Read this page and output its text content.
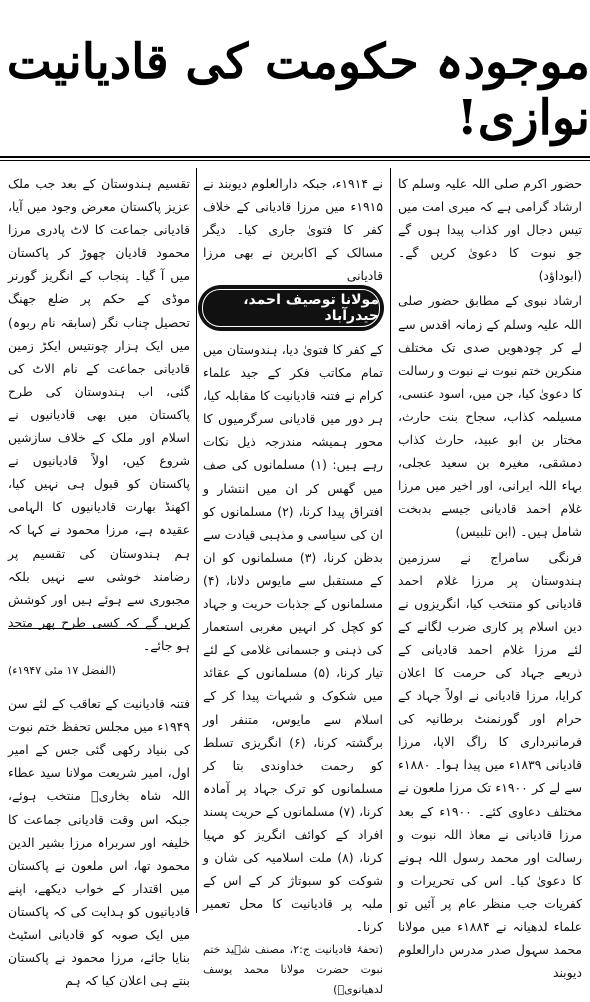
موجودہ حکومت کی قادیانیت نوازی!

حضور اکرم صلی اللہ علیہ وسلم کا ارشاد گرامی ہے کہ میری امت میں تیس دجال اور کذاب پیدا ہوں گے جو نبوت کا دعویٰ کریں گے۔ (ابوداؤد)

ارشاد نبوی کے مطابق حضور صلی اللہ علیہ وسلم کے زمانہ اقدس سے لے کر چودھویں صدی تک مختلف منکرین ختم نبوت نے نبوت و رسالت کا دعویٰ کیا، جن میں، اسود عنسی، مسیلمہ کذاب، سجاح بنت حارث، مختار بن ابو عبید، حارث کذاب دمشقی، مغیرہ بن سعید عجلی، بہاء اللہ ایرانی، اور اخیر میں مرزا غلام احمد قادیانی جیسے بدبخت شامل ہیں۔ (ابن تلبیس)

فرنگی سامراج نے سرزمین ہندوستان پر مرزا غلام احمد قادیانی کو منتخب کیا، انگریزوں نے دین اسلام پر کاری ضرب لگانے کے لئے مرزا غلام احمد قادیانی کے ذریعے جہاد کی حرمت کا اعلان کرایا، مرزا قادیانی نے اولاً جہاد کے حرام اور گورنمنٹ برطانیہ کی فرمانبرداری کا راگ الاپا، مرزا قادیانی ۱۸۳۹ء میں پیدا ہوا۔ ۱۸۸۰ء سے لے کر ۱۹۰۰ء تک مرزا ملعون نے مختلف دعاوی کئے۔ ۱۹۰۰ء کے بعد مرزا قادیانی نے معاذ اللہ نبوت و رسالت اور محمد رسول اللہ ہونے کا دعویٰ کیا۔ اس کی تحریرات و کفریات جب منظر عام پر آئیں تو علماء لدھیانہ نے ۱۸۸۴ء میں مولانا محمد سہول صدر مدرس دارالعلوم دیوبند

نے ۱۹۱۴ء، جبکہ دارالعلوم دیوبند نے ۱۹۱۵ء میں مرزا قادیانی کے خلاف کفر کا فتویٰ جاری کیا۔ دیگر مسالک کے اکابرین نے بھی مرزا قادیانی

مولانا توصیف احمد، حیدرآباد

کے کفر کا فتویٰ دیا، ہندوستان میں تمام مکاتب فکر کے جید علماء کرام نے فتنہ قادیانیت کا مقابلہ کیا، ہر دور میں قادیانی سرگرمیوں کا محور ہمیشہ مندرجہ ذیل نکات رہے ہیں: (۱) مسلمانوں کی صف میں گھس کر ان میں انتشار و افتراق پیدا کرنا، (۲) مسلمانوں کو ان کی سیاسی و مذہبی قیادت سے بدظن کرنا، (۳) مسلمانوں کو ان کے مستقبل سے مایوس دلانا، (۴) مسلمانوں کے جذبات حریت و جہاد کو کچل کر انہیں مغربی استعمار کی ذہنی و جسمانی غلامی کے لئے تیار کرنا، (۵) مسلمانوں کے عقائد میں شکوک و شبہات پیدا کر کے اسلام سے مایوس، متنفر اور برگشتہ کرنا، (۶) انگریزی تسلط کو رحمت خداوندی بتا کر مسلمانوں کو ترک جہاد پر آمادہ کرنا، (۷) مسلمانوں کے حریت پسند افراد کے کوائف انگریز کو مہیا کرنا، (۸) ملت اسلامیہ کی شان و شوکت کو سبوتاژ کر کے اس کے ملبہ پر قادیانیت کا محل تعمیر کرنا۔

(تحفۂ قادیانیت ج:۲، مصنف شہید ختم نبوت حضرت مولانا محمد یوسف لدھیانویؒ)

تقسیم ہندوستان کے بعد جب ملک عزیز پاکستان معرض وجود میں آیا، قادیانی جماعت کا لاٹ پادری مرزا محمود قادیان چھوڑ کر پاکستان میں آ گیا۔ پنجاب کے انگریز گورنر موڈی کے حکم پر ضلع جھنگ تحصیل چناب نگر (سابقہ نام ربوہ) میں ایک ہزار چونتیس ایکڑ زمین قادیانی جماعت کے نام الاٹ کی گئی، اب ہندوستان کی طرح پاکستان میں بھی قادیانیوں نے اسلام اور ملک کے خلاف سازشیں شروع کیں، اولاً قادیانیوں نے پاکستان کو قبول ہی نہیں کیا، اکھنڈ بھارت قادیانیوں کا الہامی عقیدہ ہے، مرزا محمود نے کہا کہ ہم ہندوستان کی تقسیم پر رضامند خوشی سے نہیں بلکہ مجبوری سے ہوئے ہیں اور کوشش کریں گے کہ کسی طرح پھر متحد ہو جائے۔

(الفضل ۱۷ مئی ۱۹۴۷ء)

فتنہ قادیانیت کے تعاقب کے لئے سن ۱۹۴۹ء میں مجلس تحفظ ختم نبوت کی بنیاد رکھی گئی جس کے امیر اول، امیر شریعت مولانا سید عطاء اللہ شاہ بخاریؒ منتخب ہوئے، جبکہ اس وقت قادیانی جماعت کا خلیفہ اور سربراہ مرزا بشیر الدین محمود تھا، اس ملعون نے پاکستان میں اقتدار کے خواب دیکھے، اپنے قادیانیوں کو ہدایت کی کہ پاکستان میں ایک صوبہ کو قادیانی اسٹیٹ بنایا جائے، مرزا محمود نے پاکستان بنتے ہی اعلان کیا کہ ہم
